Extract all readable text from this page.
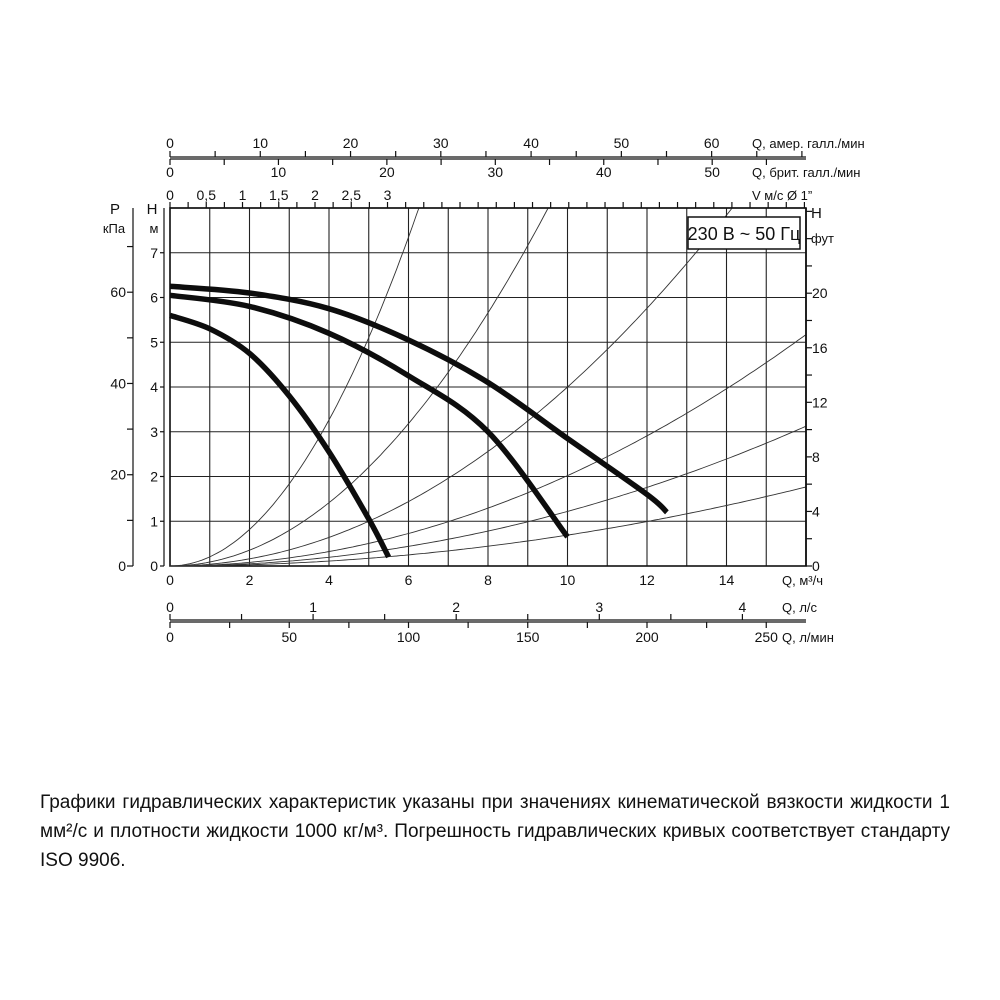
230 В ~ 50 Гц
0
1
2
3
4
5
6
7
H
м
0
20
40
60
P
кПа
0
4
8
12
16
20
H
фут
0	2	4	6	8	10	12	14	Q, м³/ч
0	1	2	3	4	Q, л/с
0	50	100	150	200	250 Q, л/мин
0	10	20	30	40	50	60	Q, амер. галл./мин
0	10	20	30	40	50 Q, брит. галл./мин
0 0,5 1 1,5 2 2,5 3	V м/с Ø 1”
Графики гидравлических характеристик указаны при значениях кинематической вязкости жидкости 1 мм²/с и плотности жидкости 1000 кг/м³. Погрешность гидравлических кривых соответствует стандарту ISO 9906.
